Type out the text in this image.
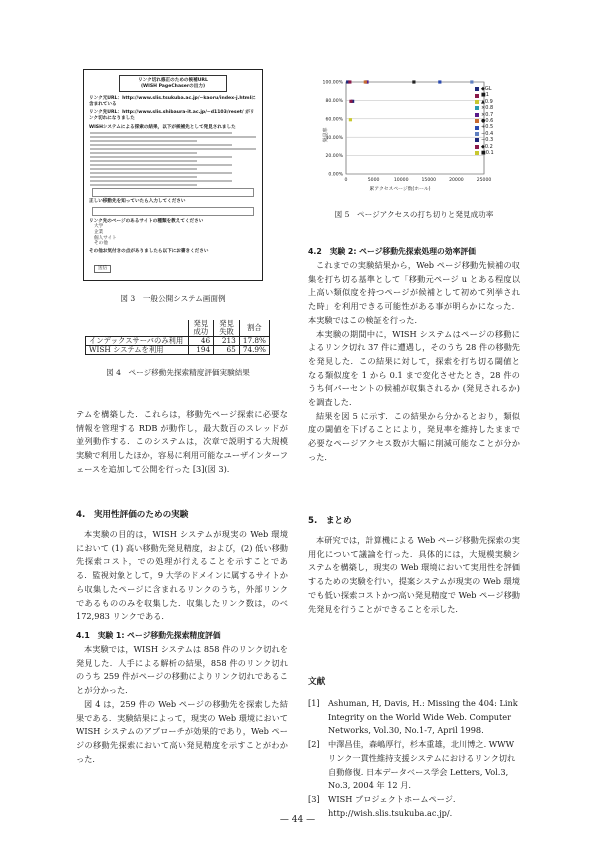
リンク切れ修正のための候補URL
(WISH PageChaserの出力)
リンク元URL：http://www.slis.tsukuba.ac.jp/~kaoru/index-j.htmlに含まれている
リンク先URL：http://www.slis.shibaura-it.ac.jp/~d1103/reset/ がリンク切れになりました
WISHシステムによる探索の結果，以下が候補先として発見されました
正しい移動先を知っていたら入力してください
リンク先のページのあるサイトの種類を教えてください
大学
企業
個人サイト
その他
その他お気付きの点がありましたら以下にお書きください
送信
図 3　一般公開システム画面例
	発見成功	発見失敗	割合
インデックスサーバのみ利用	46	213	17.8%
WISH システムを利用	194	65	74.9%
図 4　ページ移動先探索精度評価実験結果
0.00%
20.00%
40.00%
60.00%
80.00%
100.00%
0	5000	10000	15000	20000	25000
発見率
累アクセスページ数(ホール)
◆GL
■1
▲0.9
×0.8
×0.7
●0.6
+0.5
−0.4
−0.3
◆0.2
■0.1
図 5　ページアクセスの打ち切りと発見成功率

テムを構築した．これらは，移動先ページ探索に必要な情報を管理する RDB が動作し，最大数百のスレッドが並列動作する．このシステムは，次章で説明する大規模実験で利用したほか，容易に利用可能なユーザインターフェースを追加して公開を行った [3](図 3).

4.　実用性評価のための実験

本実験の目的は，WISH システムが現実の Web 環境において (1) 高い移動先発見精度，および，(2) 低い移動先探索コスト，での処理が行えることを示すことである．監視対象として，9 大学のドメインに属するサイトから収集したページに含まれるリンクのうち，外部リンクであるもののみを収集した．収集したリンク数は，のべ 172,983 リンクである．

4.1　実験 1: ページ移動先探索精度評価

本実験では，WISH システムは 858 件のリンク切れを発見した．人手による解析の結果，858 件のリンク切れのうち 259 件がページの移動によりリンク切れであることが分かった．

図 4 は，259 件の Web ページの移動先を探索した結果である．実験結果によって，現実の Web 環境において WISH システムのアプローチが効果的であり，Web ページの移動先探索において高い発見精度を示すことがわかった．

4.2　実験 2: ページ移動先探索処理の効率評価

これまでの実験結果から，Web ページ移動先候補の収集を打ち切る基準として「移動元ページ u とある程度以上高い類似度を持つページが候補として初めて列挙された時」を利用できる可能性がある事が明らかになった．本実験ではこの検証を行った．

本実験の期間中に，WISH システムはページの移動によるリンク切れ 37 件に遭遇し，そのうち 28 件の移動先を発見した．この結果に対して，探索を打ち切る閾値となる類似度を 1 から 0.1 まで変化させたとき，28 件のうち何パーセントの候補が収集されるか (発見されるか) を調査した．

結果を図 5 に示す．この結果から分かるとおり，類似度の閾値を下げることにより，発見率を維持したままで必要なページアクセス数が大幅に削減可能なことが分かった．

5.　まとめ

本研究では，計算機による Web ページ移動先探索の実用化について議論を行った．具体的には，大規模実験システムを構築し，現実の Web 環境において実用性を評価するための実験を行い，提案システムが現実の Web 環境でも低い探索コストかつ高い発見精度で Web ページ移動先発見を行うことができることを示した．

文献

[1] Ashuman, H, Davis, H.: Missing the 404: Link Integrity on the World Wide Web. Computer Networks, Vol.30, No.1-7, April 1998.

[2] 中澤昌佳，森嶋厚行，杉本重雄，北川博之. WWW リンク一貫性維持支援システムにおけるリンク切れ自動修復. 日本データベース学会 Letters, Vol.3, No.3, 2004 年 12 月.

[3] WISH プロジェクトホームページ. http://wish.slis.tsukuba.ac.jp/.

— 44 —
